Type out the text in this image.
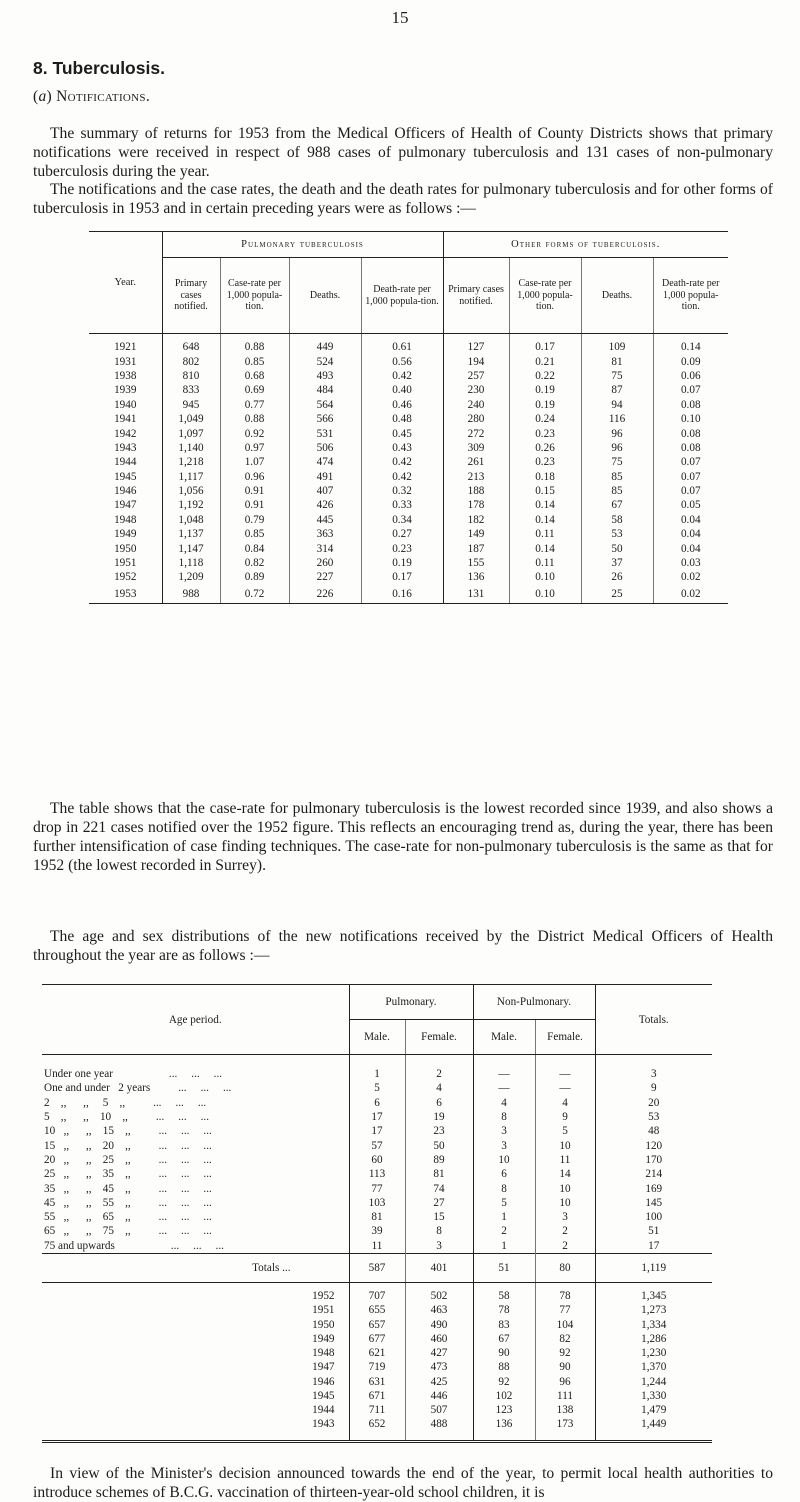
15
8. Tuberculosis.
(a) Notifications.

The summary of returns for 1953 from the Medical Officers of Health of County Districts shows that primary notifications were received in respect of 988 cases of pulmonary tuberculosis and 131 cases of non-pulmonary tuberculosis during the year.

The notifications and the case rates, the death and the death rates for pulmonary tuberculosis and for other forms of tuberculosis in 1953 and in certain preceding years were as follows :—

Year.	Pulmonary tuberculosis				Other forms of tuberculosis.			
	Primary cases notified.	Case-rate per 1,000 popula-tion.	Deaths.	Death-rate per 1,000 popula-tion.	Primary cases notified.	Case-rate per 1,000 popula-tion.	Deaths.	Death-rate per 1,000 popula-tion.

1921	648	0.88	449	0.61	127	0.17	109	0.14
1931	802	0.85	524	0.56	194	0.21	81	0.09
1938	810	0.68	493	0.42	257	0.22	75	0.06
1939	833	0.69	484	0.40	230	0.19	87	0.07
1940	945	0.77	564	0.46	240	0.19	94	0.08
1941	1,049	0.88	566	0.48	280	0.24	116	0.10
1942	1,097	0.92	531	0.45	272	0.23	96	0.08
1943	1,140	0.97	506	0.43	309	0.26	96	0.08
1944	1,218	1.07	474	0.42	261	0.23	75	0.07
1945	1,117	0.96	491	0.42	213	0.18	85	0.07
1946	1,056	0.91	407	0.32	188	0.15	85	0.07
1947	1,192	0.91	426	0.33	178	0.14	67	0.05
1948	1,048	0.79	445	0.34	182	0.14	58	0.04
1949	1,137	0.85	363	0.27	149	0.11	53	0.04
1950	1,147	0.84	314	0.23	187	0.14	50	0.04
1951	1,118	0.82	260	0.19	155	0.11	37	0.03
1952	1,209	0.89	227	0.17	136	0.10	26	0.02
1953	988	0.72	226	0.16	131	0.10	25	0.02

The table shows that the case-rate for pulmonary tuberculosis is the lowest recorded since 1939, and also shows a drop in 221 cases notified over the 1952 figure. This reflects an encouraging trend as, during the year, there has been further intensification of case finding techniques. The case-rate for non-pulmonary tuberculosis is the same as that for 1952 (the lowest recorded in Surrey).

The age and sex distributions of the new notifications received by the District Medical Officers of Health throughout the year are as follows :—

Age period.	Pulmonary.		Non-Pulmonary.		Totals.
	Male.	Female.	Male.	Female.	

Under one year                    ...     ...     ...	1	2	—	—	3
One and under   2 years          ...     ...     ...	5	4	—	—	9
2    ,,      ,,     5    ,,          ...     ...     ...	6	6	4	4	20
5    ,,      ,,    10    ,,          ...     ...     ...	17	19	8	9	53
10   ,,      ,,    15    ,,          ...     ...     ...	17	23	3	5	48
15   ,,      ,,    20    ,,          ...     ...     ...	57	50	3	10	120
20   ,,      ,,    25    ,,          ...     ...     ...	60	89	10	11	170
25   ,,      ,,    35    ,,          ...     ...     ...	113	81	6	14	214
35   ,,      ,,    45    ,,          ...     ...     ...	77	74	8	10	169
45   ,,      ,,    55    ,,          ...     ...     ...	103	27	5	10	145
55   ,,      ,,    65    ,,          ...     ...     ...	81	15	1	3	100
65   ,,      ,,    75    ,,          ...     ...     ...	39	8	2	2	51
75 and upwards                    ...     ...     ...	11	3	1	2	17
Totals ...	587	401	51	80	1,119

1952	707	502	58	78	1,345
1951	655	463	78	77	1,273
1950	657	490	83	104	1,334
1949	677	460	67	82	1,286
1948	621	427	90	92	1,230
1947	719	473	88	90	1,370
1946	631	425	92	96	1,244
1945	671	446	102	111	1,330
1944	711	507	123	138	1,479
1943	652	488	136	173	1,449

In view of the Minister's decision announced towards the end of the year, to permit local health authorities to introduce schemes of B.C.G. vaccination of thirteen-year-old school children, it is
